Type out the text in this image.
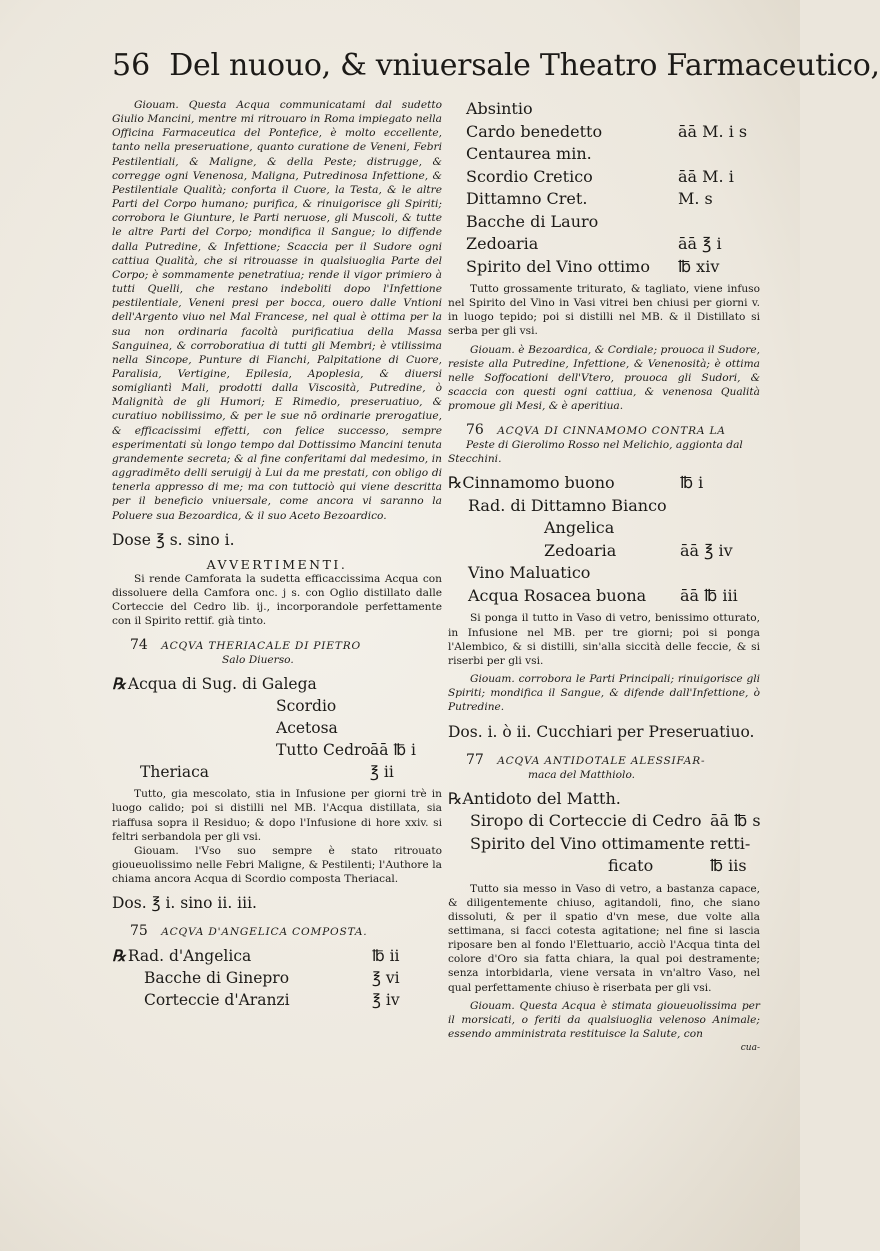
56 Del nuouo, & vniuersale Theatro Farmaceutico,
Giouam. Questa Acqua communicatami dal sudetto Giulio Mancini, mentre mi ritrouaro in Roma impiegato nella Officina Farmaceutica del Pontefice, è molto eccellente, tanto nella preseruatione, quanto curatione de Veneni, Febri Pestilentiali, & Maligne, & della Peste; distrugge, & corregge ogni Venenosa, Maligna, Putredinosa Infettione, & Pestilentiale Qualità; conforta il Cuore, la Testa, & le altre Parti del Corpo humano; purifica, & rinuigorisce gli Spiriti; corrobora le Giunture, le Parti neruose, gli Muscoli, & tutte le altre Parti del Corpo; mondifica il Sangue; lo diffende dalla Putredine, & Infettione; Scaccia per il Sudore ogni cattiua Qualità, che si ritrouasse in qualsiuoglia Parte del Corpo; è sommamente penetratiua; rende il vigor primiero à tutti Quelli, che restano indeboliti dopo l'Infettione pestilentiale, Veneni presi per bocca, ouero dalle Vntioni dell'Argento viuo nel Mal Francese, nel qual è ottima per la sua non ordinaria facoltà purificatiua della Massa Sanguinea, & corroboratiua di tutti gli Membri; è vtilissima nella Sincope, Punture di Fianchi, Palpitatione di Cuore, Paralisia, Vertigine, Epilesia, Apoplesia, & diuersi somigliantì Mali, prodotti dalla Viscosità, Putredine, ò Malignità de gli Humori; E Rimedio, preseruatiuo, & curatiuo nobilissimo, & per le sue nō ordinarie prerogatiue, & efficacissimi effetti, con felice successo, sempre esperimentati sù longo tempo dal Dottissimo Mancini tenuta grandemente secreta; & al fine conferitami dal medesimo, in aggradimēto delli seruigij à Lui da me prestati, con obligo di tenerla appresso di me; ma con tuttociò qui viene descritta per il beneficio vniuersale, come ancora vi saranno la Poluere sua Bezoardica, & il suo Aceto Bezoardico.
Dose ℥ s. sino i.
AVVERTIMENTI.
Si rende Camforata la sudetta efficaccissima Acqua con dissoluere della Camfora onc. j s. con Oglio distillato dalle Corteccie del Cedro lib. ij., incorporandole perfettamente con il Spirito rettif. già tinto.
74 ACQVA THERIACALE DI PIETRO
Salo Diuerso.
℞ Acqua di Sug. di Galega
Scordio
Acetosa
Tutto Cedro āā ℔ i
Theriaca	℥ ii
Tutto, gia mescolato, stia in Infusione per giorni trè in luogo calido; poi si distilli nel MB. l'Acqua distillata, sia riaffusa sopra il Residuo; & dopo l'Infusione di hore xxiv. si feltri serbandola per gli vsi.
Giouam. l'Vso suo sempre è stato ritrouato gioueuolissimo nelle Febri Maligne, & Pestilenti; l'Authore la chiama ancora Acqua di Scordio composta Theriacal.
Dos. ℥ i. sino ii. iii.
75 ACQVA D'ANGELICA COMPOSTA.
℞ Rad. d'Angelica	℔ ii
Bacche di Ginepro	℥ vi
Corteccie d'Aranzi	℥ iv
Absintio
Cardo benedetto	āā M. i s
Centaurea min.
Scordio Cretico	āā M. i
Dittamno Cret.	M. s
Bacche di Lauro
Zedoaria	āā ℥ i
Spirito del Vino ottimo ℔ xiv
Tutto grossamente triturato, & tagliato, viene infuso nel Spirito del Vino in Vasi vitrei ben chiusi per giorni v. in luogo tepido; poi si distilli nel MB. & il Distillato si serba per gli vsi.
Giouam. è Bezoardica, & Cordiale; prouoca il Sudore, resiste alla Putredine, Infettione, & Venenosità; è ottima nelle Soffocationi dell'Vtero, prouoca gli Sudori, & scaccia con questi ogni cattiua, & venenosa Qualità promoue gli Mesi, & è aperitiua.
76 ACQVA DI CINNAMOMO CONTRA LA
Peste di Gierolimo Rosso nel Melichio, aggionta dal Stecchini.
℞Cinnamomo buono	℔ i
Rad. di Dittamno Bianco
Angelica
Zedoaria	āā ℥ iv
Vino Maluatico
Acqua Rosacea buona āā ℔ iii
Si ponga il tutto in Vaso di vetro, benissimo otturato, in Infusione nel MB. per tre giorni; poi si ponga l'Alembico, & si distilli, sin'alla siccità delle feccie, & si riserbi per gli vsi.
Giouam. corrobora le Parti Principali; rinuigorisce gli Spiriti; mondifica il Sangue, & difende dall'Infettione, ò Putredine.
Dos. i. ò ii. Cucchiari per Preseruatiuo.
77 ACQVA ANTIDOTALE ALESSIFAR-
maca del Matthiolo.
℞Antidoto del Matth.
Siropo di Corteccie di Cedro āā ℔ s
Spirito del Vino ottimamente retti-
ficato	℔ iis
Tutto sia messo in Vaso di vetro, a bastanza capace, & diligentemente chiuso, agitandoli, fino, che siano dissoluti, & per il spatio d'vn mese, due volte alla settimana, si facci cotesta agitatione; nel fine si lascia riposare ben al fondo l'Elettuario, acciò l'Acqua tinta del colore d'Oro sia fatta chiara, la qual poi destramente; senza intorbidarla, viene versata in vn'altro Vaso, nel qual perfettamente chiuso è riserbata per gli vsi.
Giouam. Questa Acqua è stimata gioueuolissima per il morsicati, o feriti da qualsiuoglia velenoso Animale; essendo amministrata restituisce la Salute, con
cua-
